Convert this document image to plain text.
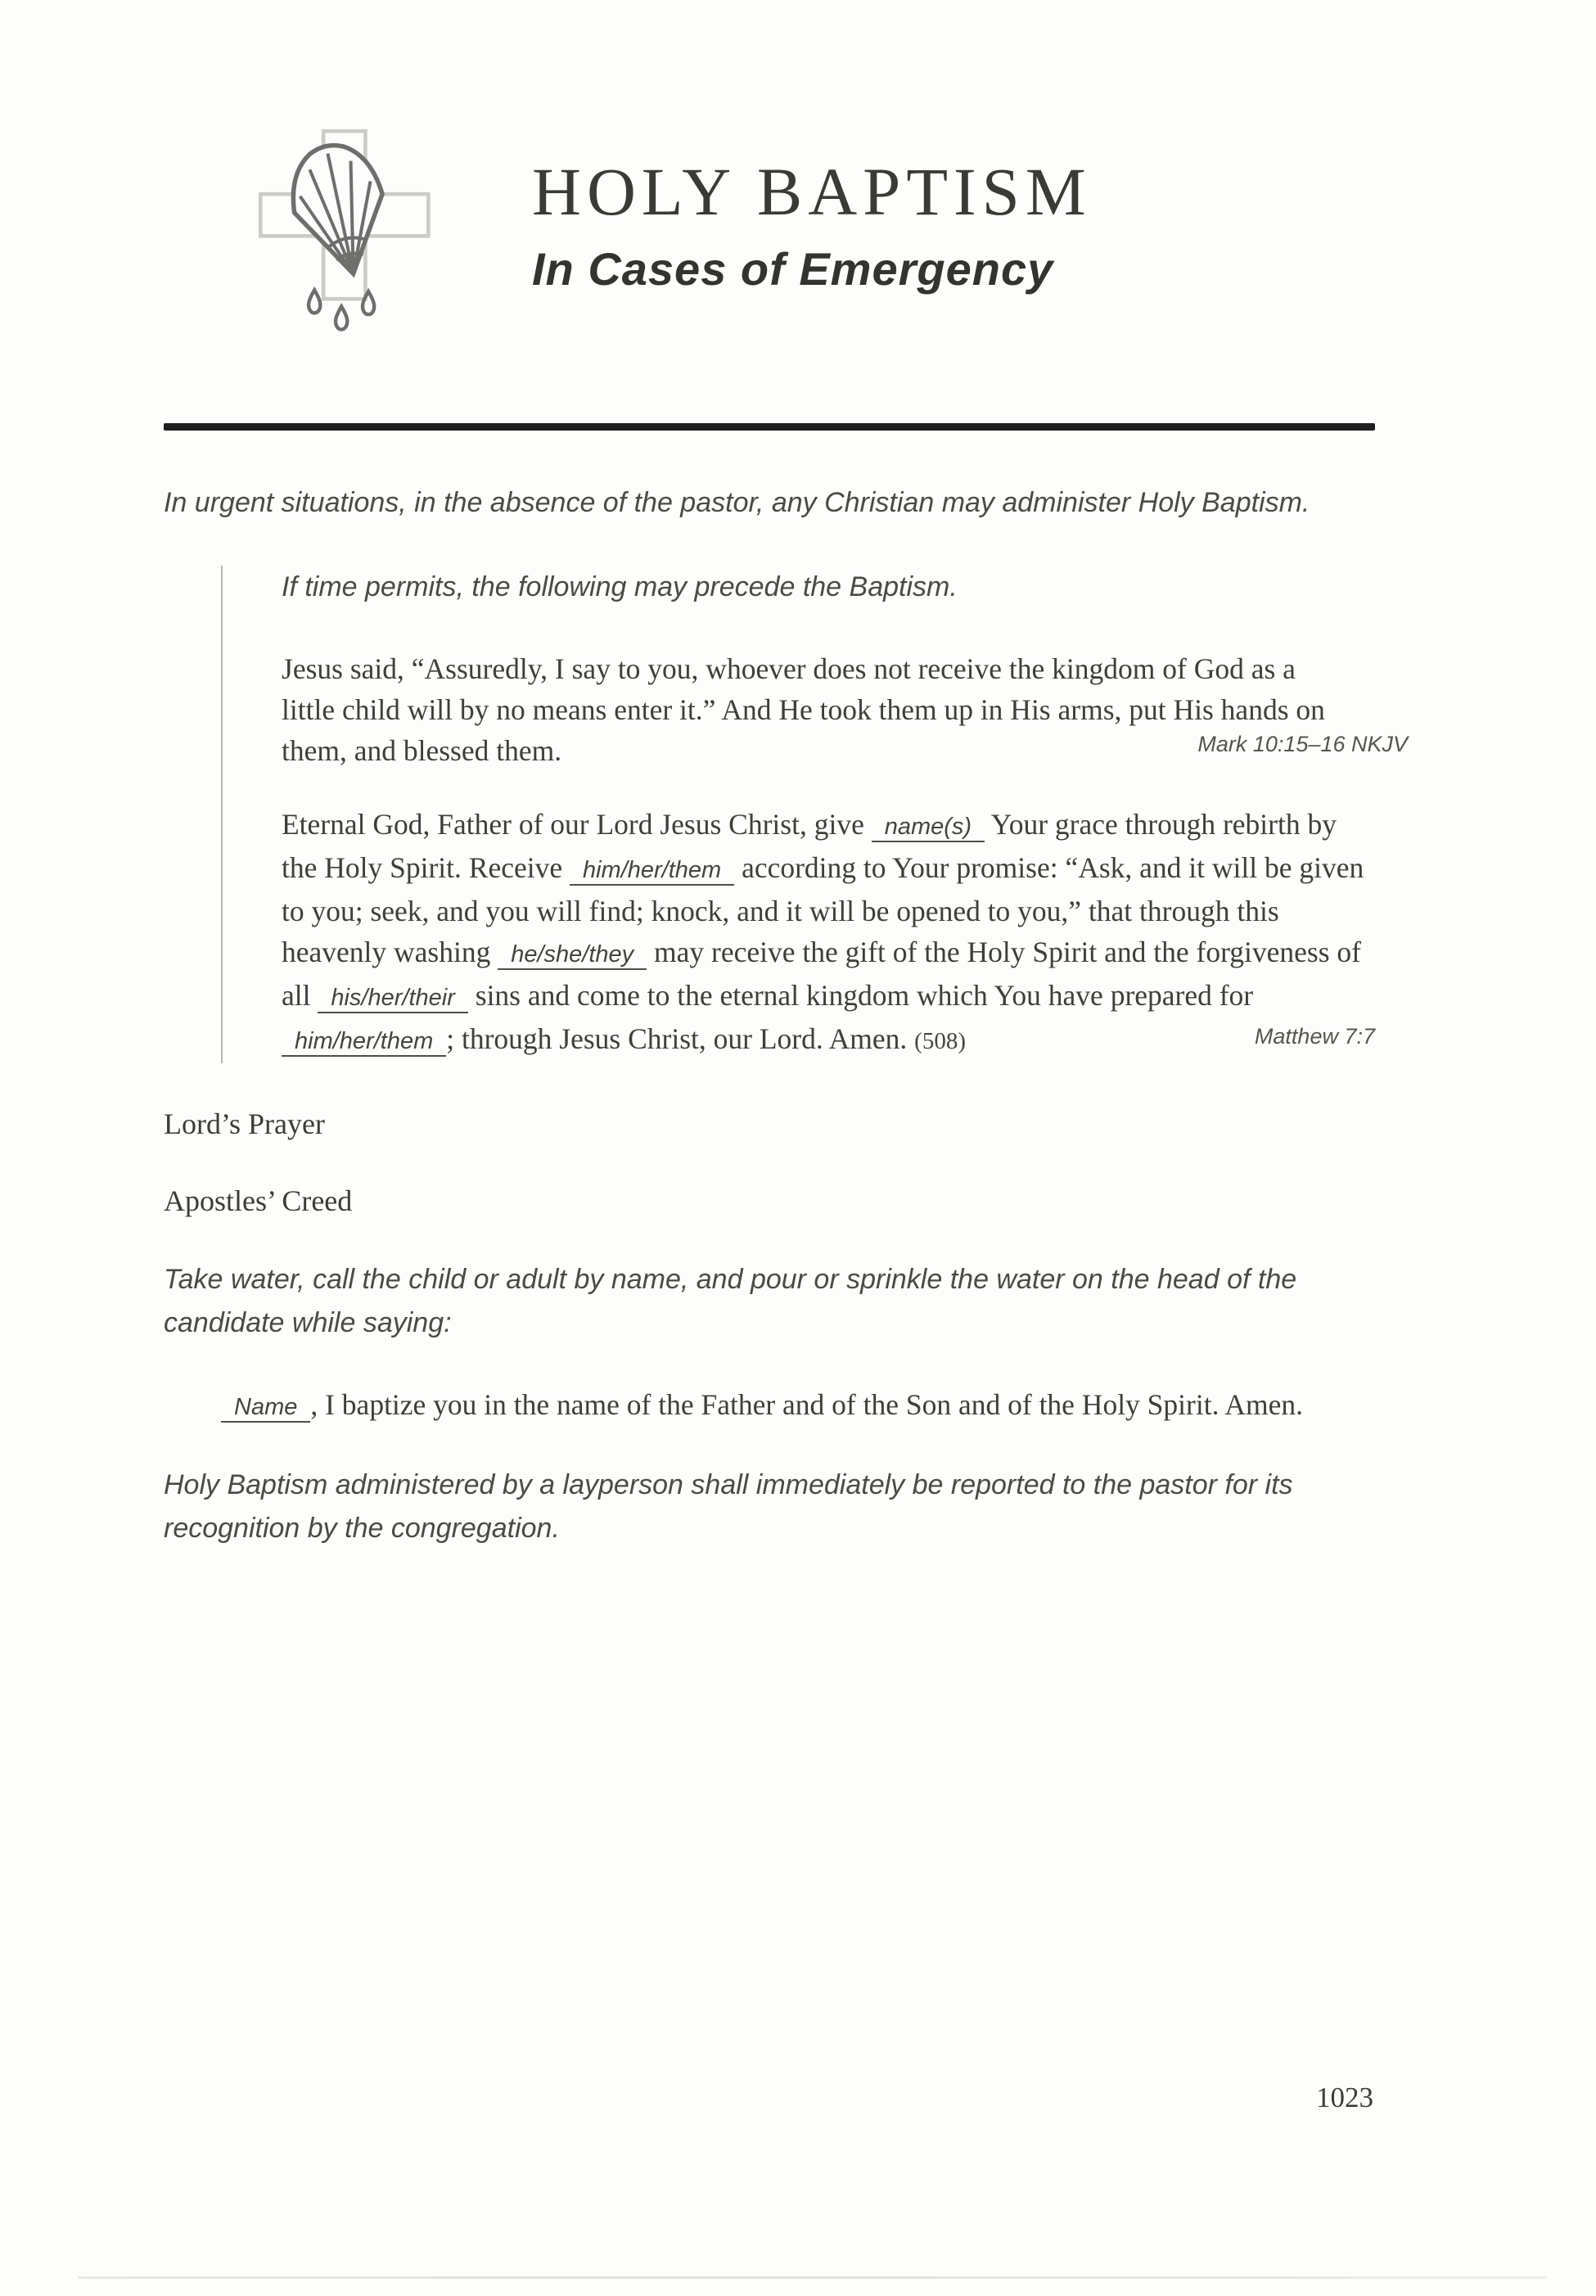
HOLY BAPTISM
In Cases of Emergency

In urgent situations, in the absence of the pastor, any Christian may administer Holy Baptism.

If time permits, the following may precede the Baptism.

Jesus said, “Assuredly, I say to you, whoever does not receive the kingdom of God as a little child will by no means enter it.” And He took them up in His arms, put His hands on them, and blessed them.	Mark 10:15–16 NKJV

Eternal God, Father of our Lord Jesus Christ, give name(s) Your grace through rebirth by the Holy Spirit. Receive him/her/them according to Your promise: “Ask, and it will be given to you; seek, and you will find; knock, and it will be opened to you,” that through this heavenly washing he/she/they may receive the gift of the Holy Spirit and the forgiveness of all his/her/their sins and come to the eternal kingdom which You have prepared for him/her/them ; through Jesus Christ, our Lord. Amen. (508)	Matthew 7:7

Lord’s Prayer

Apostles’ Creed

Take water, call the child or adult by name, and pour or sprinkle the water on the head of the candidate while saying:

Name , I baptize you in the name of the Father and of the Son and of the Holy Spirit. Amen.

Holy Baptism administered by a layperson shall immediately be reported to the pastor for its recognition by the congregation.

1023
